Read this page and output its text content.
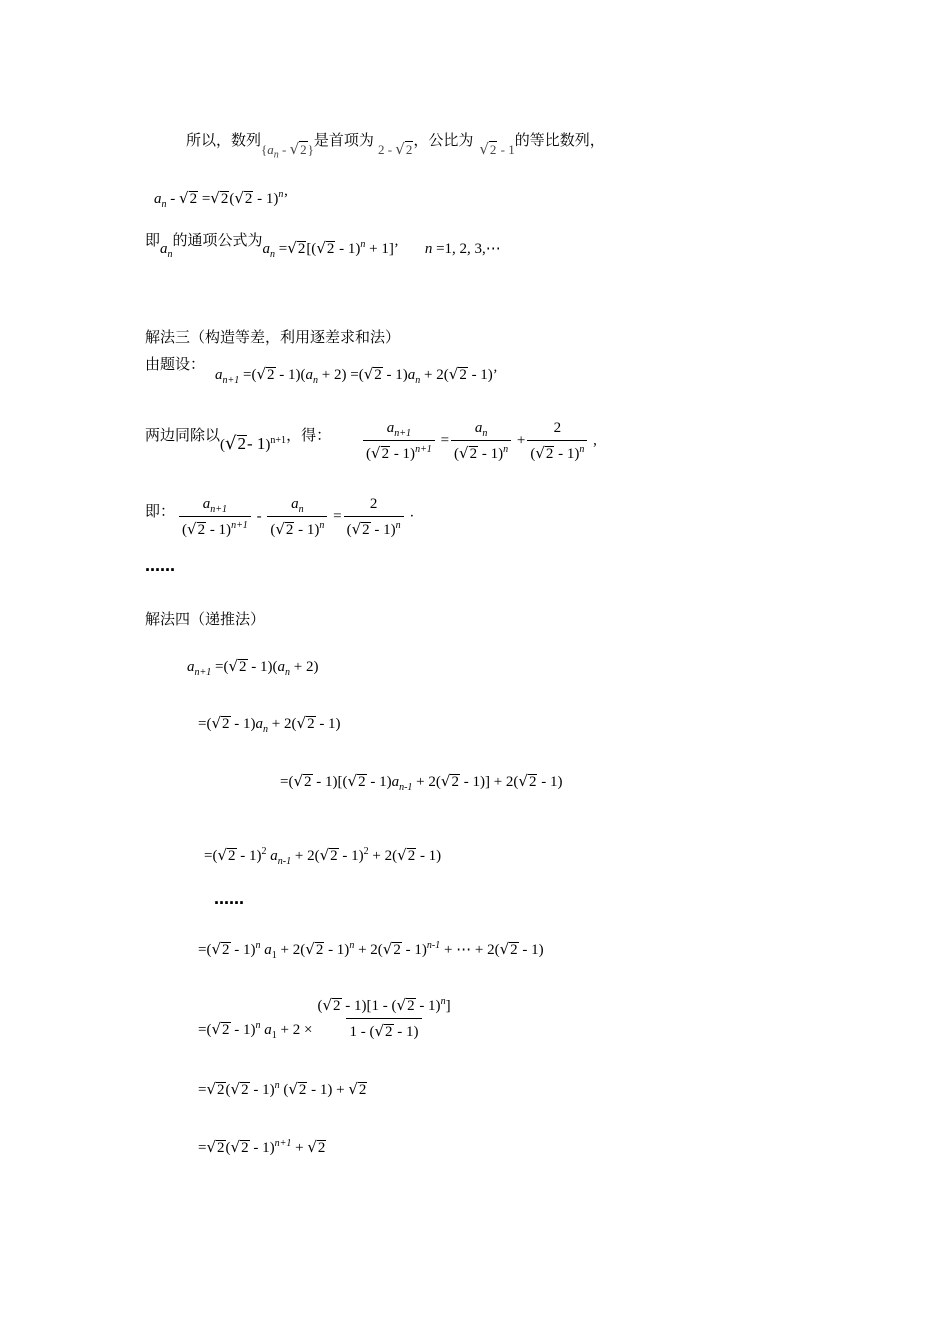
所以，数列$\{a_n - √2\}$是首项为2 - √2，公比为 √2 - 1的等比数列，
$a_n - √2 =√2(√2 - 1)^n$’
即$a_n$的通项公式为$a_n =√2[(√2 - 1)^n + 1]$’ n =1, 2, 3,⋯
解法三（构造等差，利用逐差求和法）
由题设：$a_{n+1} =(√2 - 1)(a_n + 2) =(√2 - 1)a_n + 2(√2 - 1)$’
两边同除以(√2- 1)$^{n+1}$，得： $\frac{a_{n+1}}{(√2 - 1)^{n+1}} = \frac{a_n}{(√2 - 1)^n} + \frac{2}{(√2 - 1)^n}$ ,
即： $\frac{a_{n+1}}{(√2 - 1)^{n+1}} - \frac{a_n}{(√2 - 1)^n} = \frac{2}{(√2 - 1)^n}$ ·
……
解法四（递推法）
$a_{n+1} =(√2 - 1)(a_n + 2)$
$=(√2 - 1)a_n + 2(√2 - 1)$
$=(√2 - 1)[(√2 - 1)a_{n-1} + 2(√2 - 1)] + 2(√2 - 1)$
=(√2 - 1)$^2$ $a_{n-1} + 2(√2 - 1)^2 + 2(√2 - 1)$
……
=(√2 - 1)$^n$ $a_1 + 2(√2 - 1)^n + 2(√2 - 1)^{n-1}$ + ⋯ + 2(√2 - 1)
=(√2 - 1)$^n$ $a_1 + 2 \times \frac{(√2 - 1)[1 - (√2 - 1)^n]}{1 - (√2 - 1)}$
=√2(√2 - 1)$^n$ (√2 - 1) + √2
=√2(√2 - 1)$^{n+1}$ + √2
